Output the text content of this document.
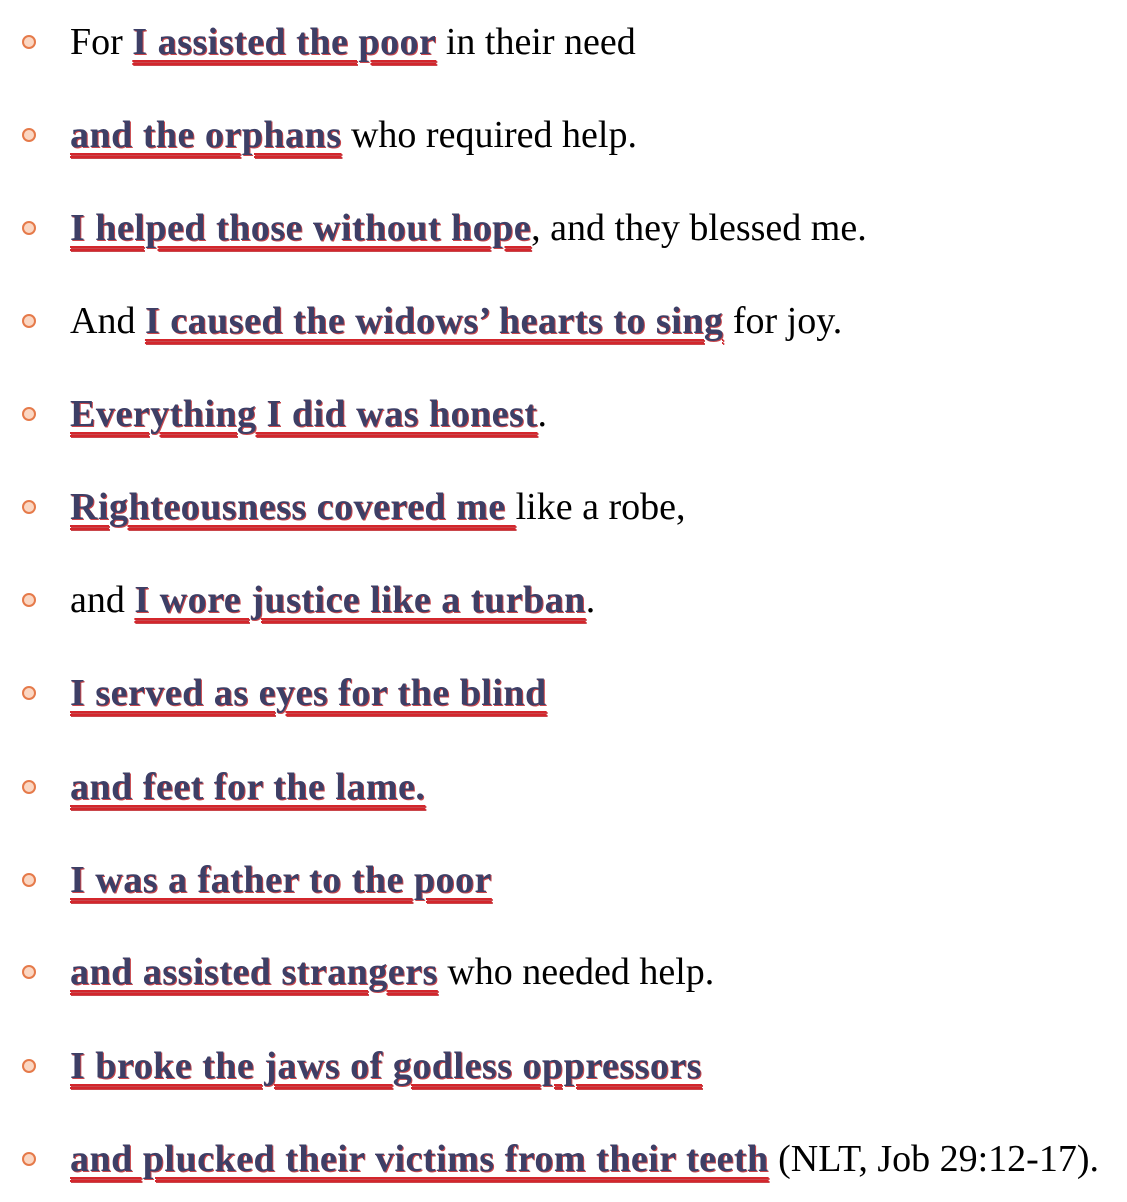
For I assisted the poor in their need
and the orphans who required help.
I helped those without hope, and they blessed me.
And I caused the widows’ hearts to sing for joy.
Everything I did was honest.
Righteousness covered me like a robe,
and I wore justice like a turban.
I served as eyes for the blind
and feet for the lame.
I was a father to the poor
and assisted strangers who needed help.
I broke the jaws of godless oppressors
and plucked their victims from their teeth (NLT, Job 29:12-17).
